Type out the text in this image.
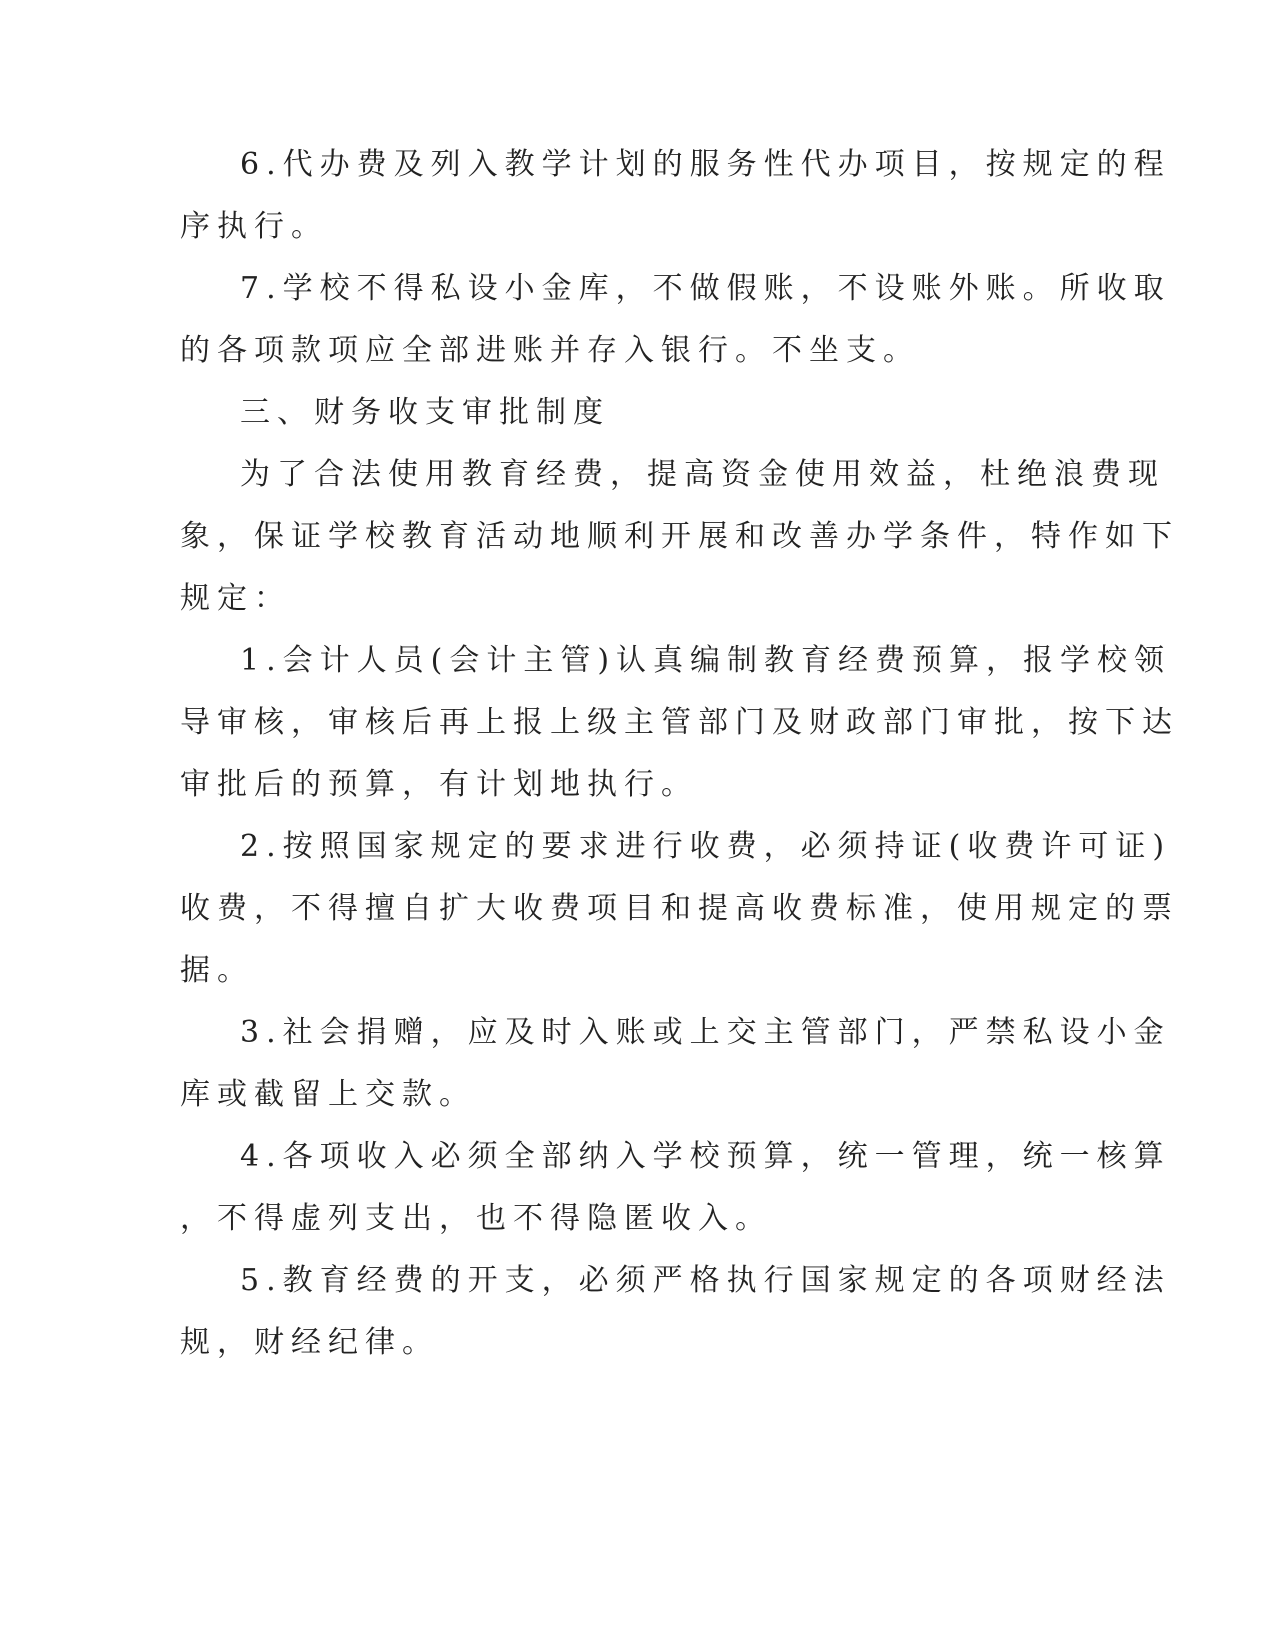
6.代办费及列入教学计划的服务性代办项目，按规定的程
序执行。
7.学校不得私设小金库，不做假账，不设账外账。所收取
的各项款项应全部进账并存入银行。不坐支。
三、财务收支审批制度
为了合法使用教育经费，提高资金使用效益，杜绝浪费现
象，保证学校教育活动地顺利开展和改善办学条件，特作如下
规定：
1.会计人员(会计主管)认真编制教育经费预算，报学校领
导审核，审核后再上报上级主管部门及财政部门审批，按下达
审批后的预算，有计划地执行。
2.按照国家规定的要求进行收费，必须持证(收费许可证)
收费，不得擅自扩大收费项目和提高收费标准，使用规定的票
据。
3.社会捐赠，应及时入账或上交主管部门，严禁私设小金
库或截留上交款。
4.各项收入必须全部纳入学校预算，统一管理，统一核算
，不得虚列支出，也不得隐匿收入。
5.教育经费的开支，必须严格执行国家规定的各项财经法
规，财经纪律。
